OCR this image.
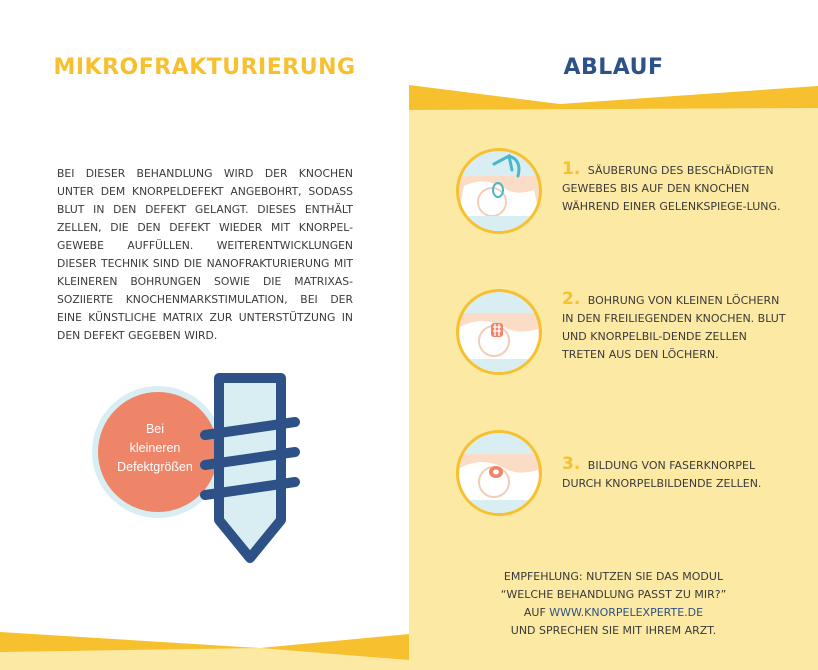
MIKROFRAKTURIERUNG	ABLAUF

BEI DIESER BEHANDLUNG WIRD DER KNOCHEN UNTER DEM KNORPELDEFEKT ANGEBOHRT, SODASS BLUT IN DEN DEFEKT GELANGT. DIESES ENTHÄLT ZELLEN, DIE DEN DEFEKT WIEDER MIT KNORPEL-GEWEBE AUFFÜLLEN. WEITERENTWICKLUNGEN DIESER TECHNIK SIND DIE NANOFRAKTURIERUNG MIT KLEINEREN BOHRUNGEN SOWIE DIE MATRIXAS-SOZIIERTE KNOCHENMARKSTIMULATION, BEI DER EINE KÜNSTLICHE MATRIX ZUR UNTERSTÜTZUNG IN DEN DEFEKT GEGEBEN WIRD.

Bei
kleineren
Defektgrößen
1. SÄUBERUNG DES BESCHÄDIGTEN GEWEBES BIS AUF DEN KNOCHEN WÄHREND EINER GELENKSPIEGE-LUNG.
2. BOHRUNG VON KLEINEN LÖCHERN IN DEN FREILIEGENDEN KNOCHEN. BLUT UND KNORPELBIL-DENDE ZELLEN TRETEN AUS DEN LÖCHERN.
3. BILDUNG VON FASERKNORPEL DURCH KNORPELBILDENDE ZELLEN.
EMPFEHLUNG: NUTZEN SIE DAS MODUL
“WELCHE BEHANDLUNG PASST ZU MIR?”
AUF WWW.KNORPELEXPERTE.DE
UND SPRECHEN SIE MIT IHREM ARZT.
